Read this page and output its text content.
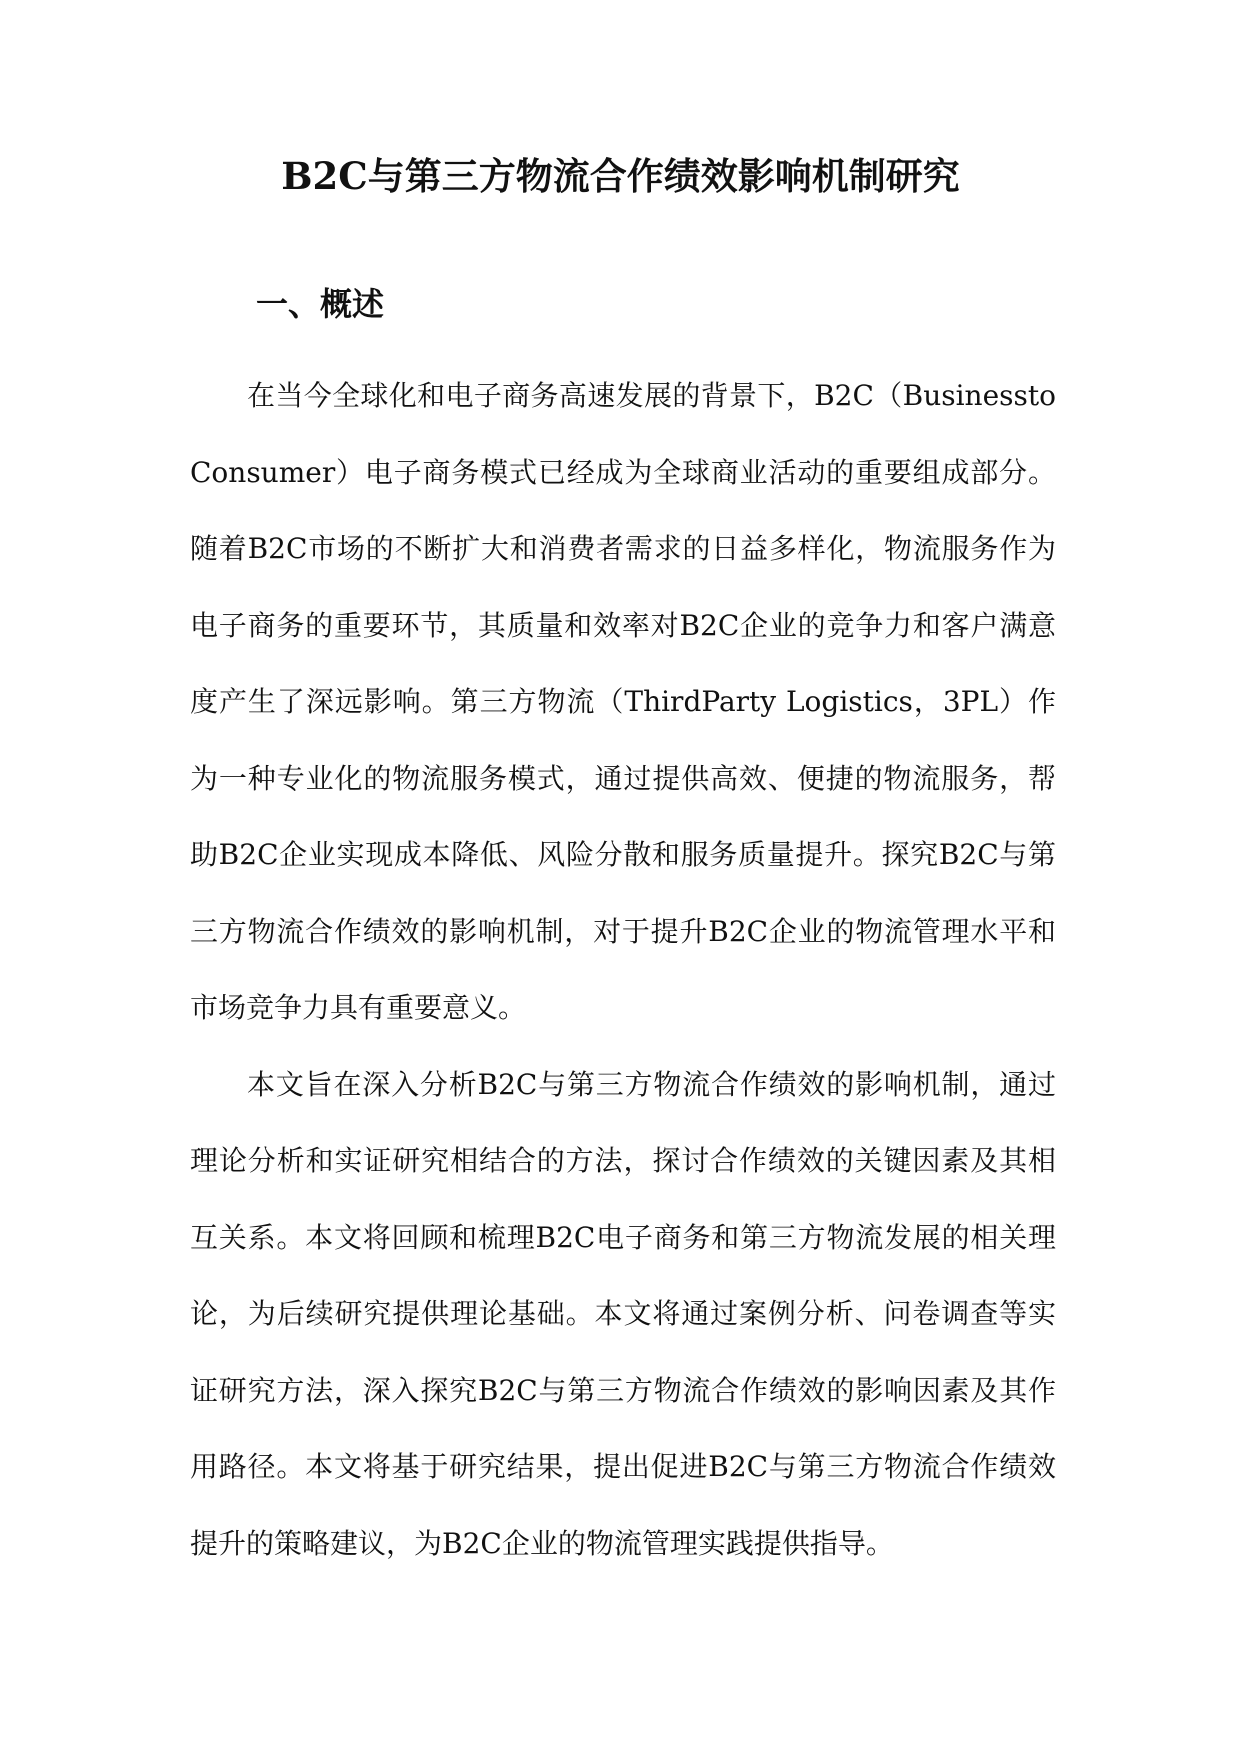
B2C与第三方物流合作绩效影响机制研究
一、概述

在当今全球化和电子商务高速发展的背景下，B2C（BusinesstoConsumer）电子商务模式已经成为全球商业活动的重要组成部分。随着B2C市场的不断扩大和消费者需求的日益多样化，物流服务作为电子商务的重要环节，其质量和效率对B2C企业的竞争力和客户满意度产生了深远影响。第三方物流（ThirdParty Logistics，3PL）作为一种专业化的物流服务模式，通过提供高效、便捷的物流服务，帮助B2C企业实现成本降低、风险分散和服务质量提升。探究B2C与第三方物流合作绩效的影响机制，对于提升B2C企业的物流管理水平和市场竞争力具有重要意义。

本文旨在深入分析B2C与第三方物流合作绩效的影响机制，通过理论分析和实证研究相结合的方法，探讨合作绩效的关键因素及其相互关系。本文将回顾和梳理B2C电子商务和第三方物流发展的相关理论，为后续研究提供理论基础。本文将通过案例分析、问卷调查等实证研究方法，深入探究B2C与第三方物流合作绩效的影响因素及其作用路径。本文将基于研究结果，提出促进B2C与第三方物流合作绩效提升的策略建议，为B2C企业的物流管理实践提供指导。
